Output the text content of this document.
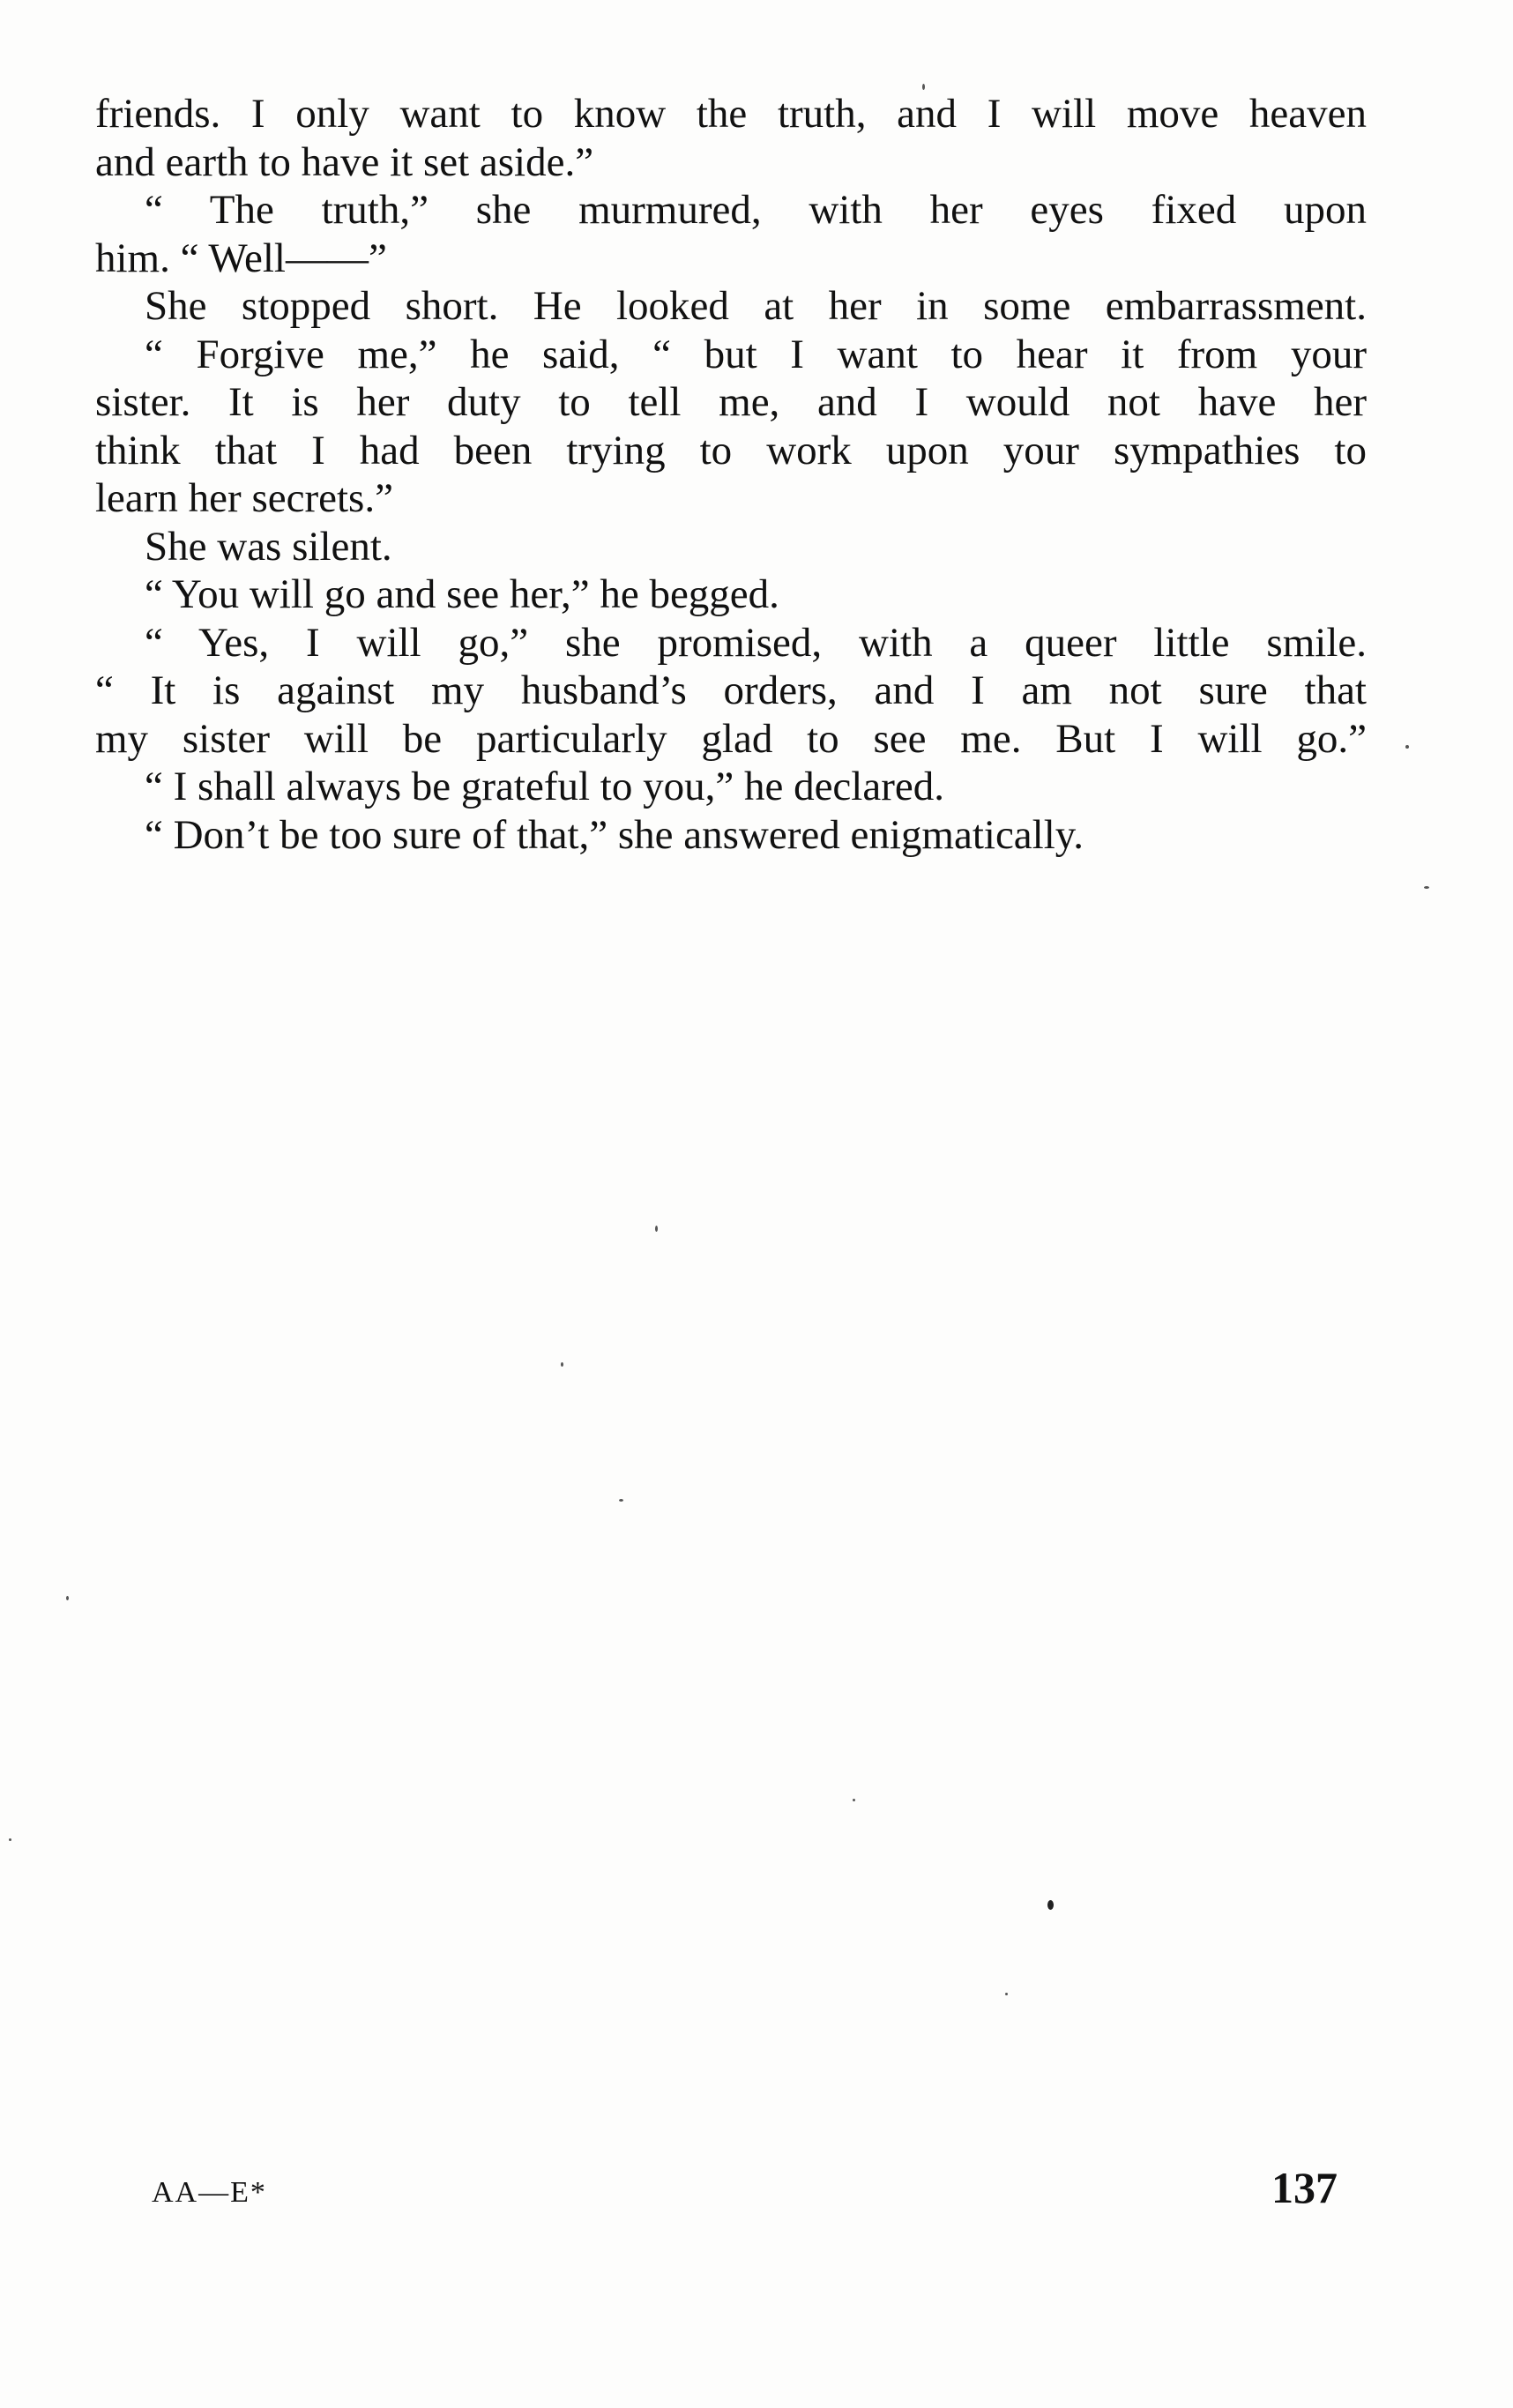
friends. I only want to know the truth, and I will move heaven
and earth to have it set aside.”
“ The truth,” she murmured, with her eyes fixed upon
him. “ Well——”
She stopped short. He looked at her in some embarrassment.
“ Forgive me,” he said, “ but I want to hear it from your
sister. It is her duty to tell me, and I would not have her
think that I had been trying to work upon your sympathies to
learn her secrets.”
She was silent.
“ You will go and see her,” he begged.
“ Yes, I will go,” she promised, with a queer little smile.
“ It is against my husband’s orders, and I am not sure that
my sister will be particularly glad to see me. But I will go.”
“ I shall always be grateful to you,” he declared.
“ Don’t be too sure of that,” she answered enigmatically.
AA—E*	137
